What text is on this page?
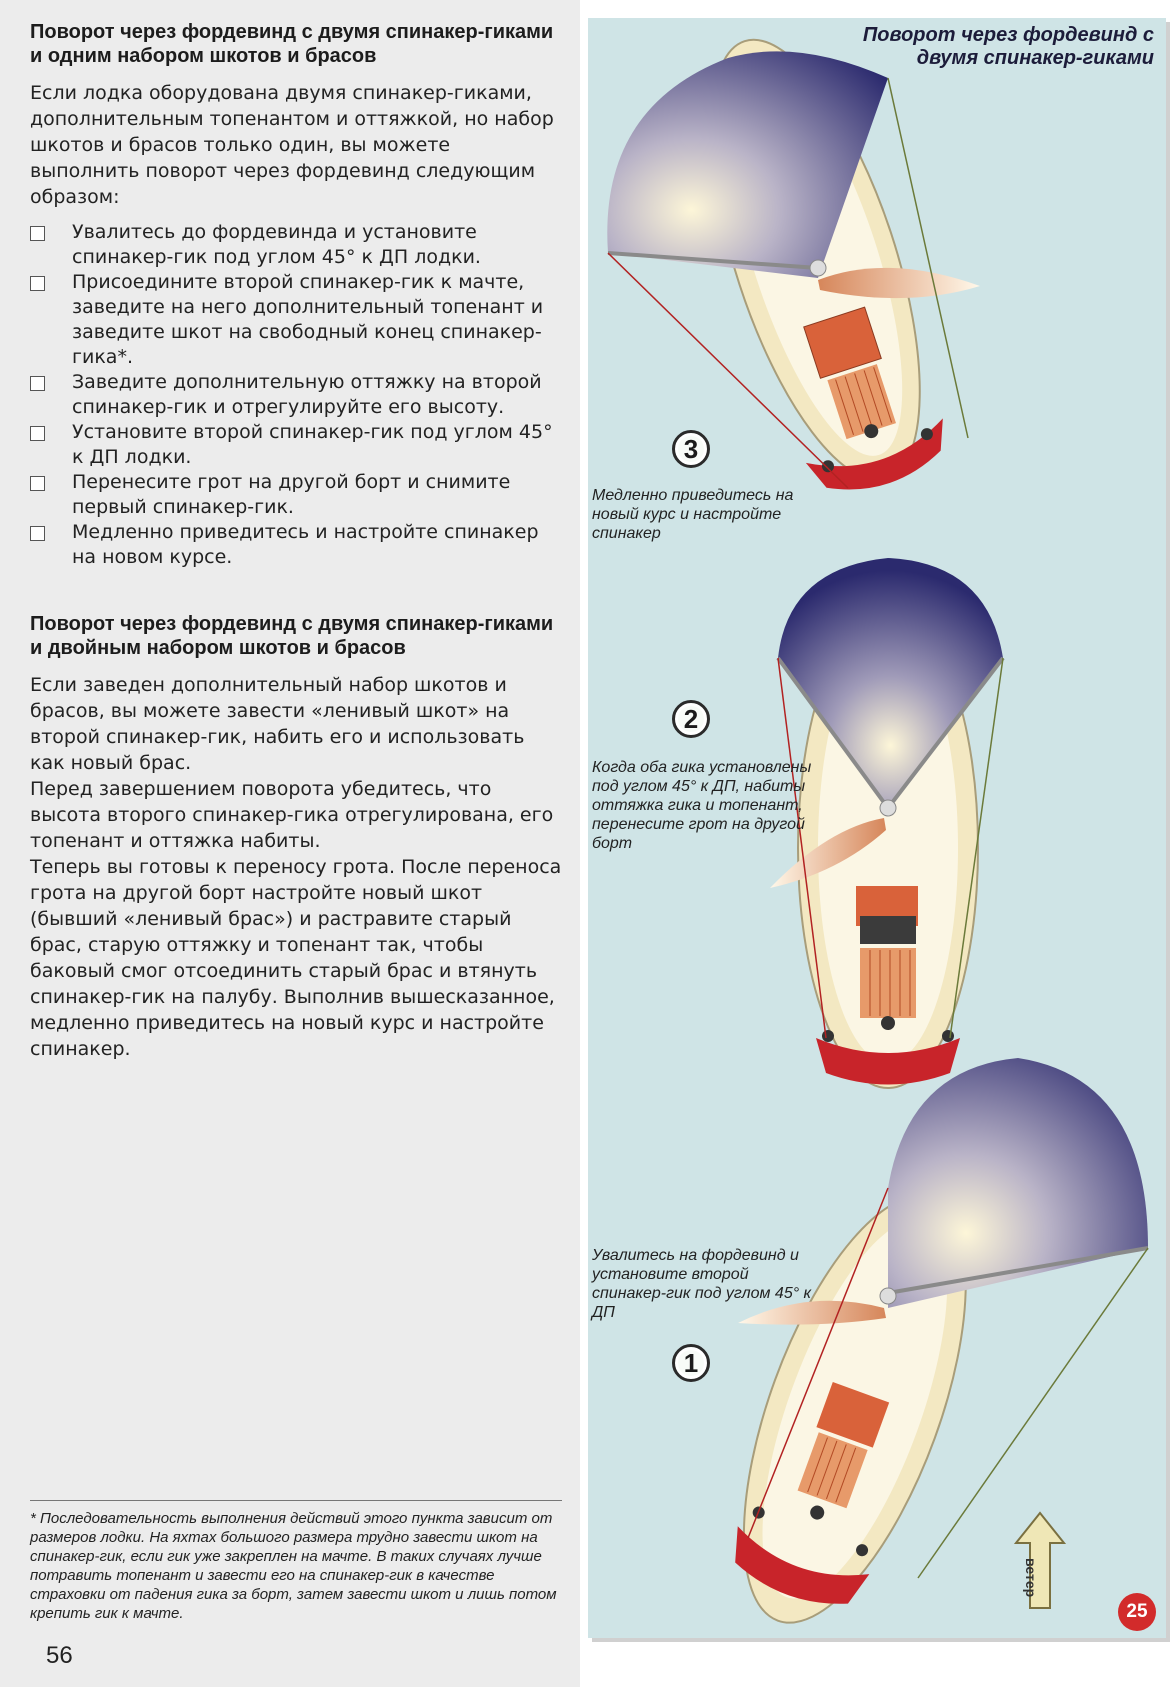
Поворот через фордевинд с двумя спинакер-гиками и одним набором шкотов и брасов

Если лодка оборудована двумя спинакер-гиками, дополнительным топенантом и оттяжкой, но набор шкотов и брасов только один, вы можете выполнить поворот через фордевинд следующим образом:

Увалитесь до фордевинда и установите спинакер-гик под углом 45° к ДП лодки.
Присоедините второй спинакер-гик к мачте, заведите на него дополнительный топенант и заведите шкот на свободный конец спинакер-гика*.
Заведите дополнительную оттяжку на второй спинакер-гик и отрегулируйте его высоту.
Установите второй спинакер-гик под углом 45° к ДП лодки.
Перенесите грот на другой борт и снимите первый спинакер-гик.
Медленно приведитесь и настройте спинакер на новом курсе.
Поворот через фордевинд с двумя спинакер-гиками и двойным набором шкотов и брасов

Если заведен дополнительный набор шкотов и брасов, вы можете завести «ленивый шкот» на второй спинакер-гик, набить его и использовать как новый брас.

Перед завершением поворота убедитесь, что высота второго спинакер-гика отрегулирована, его топенант и оттяжка набиты.

Теперь вы готовы к переносу грота. После переноса грота на другой борт настройте новый шкот (бывший «ленивый брас») и растравите старый брас, старую оттяжку и топенант так, чтобы баковый смог отсоединить старый брас и втянуть спинакер-гик на палубу. Выполнив вышесказанное, медленно приведитесь на новый курс и настройте спинакер.

* Последовательность выполнения действий этого пункта зависит от размеров лодки. На яхтах большого размера трудно завести шкот на спинакер-гик, если гик уже закреплен на мачте. В таких случаях лучше потравить топенант и завести его на спинакер-гик в качестве страховки от падения гика за борт, затем завести шкот и лишь потом крепить гик к мачте.
56
Поворот через фордевинд с двумя спинакер-гиками
3
Медленно приведитесь на новый курс и настройте спинакер
2
Когда оба гика установлены под углом 45° к ДП, набиты оттяжка гика и топенант, перенесите грот на другой борт
Увалитесь на фордевинд и установите второй спинакер-гик под углом 45° к ДП
1
ветер
25
